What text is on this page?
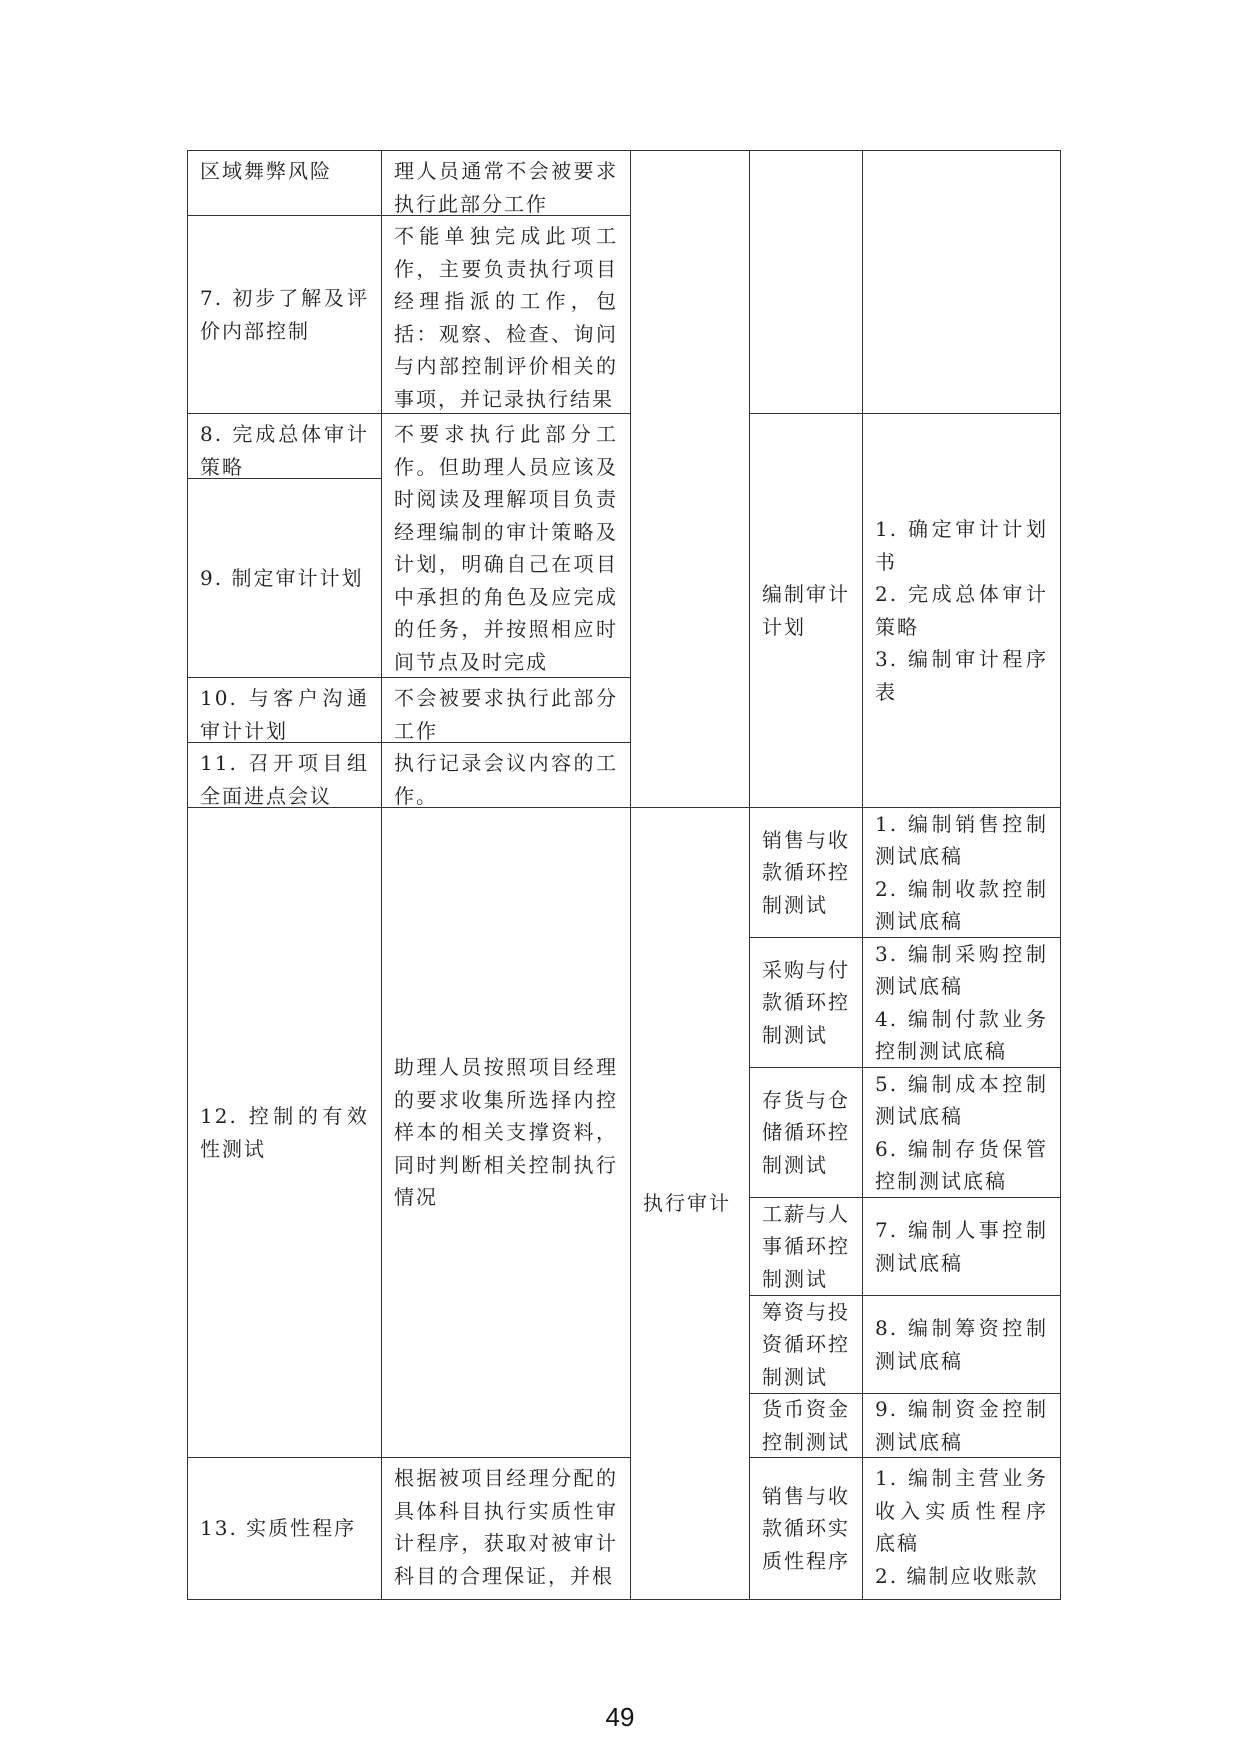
区域舞弊风险
7. 初步了解及评价内部控制
8. 完成总体审计策略
9. 制定审计计划
10. 与客户沟通审计计划
11. 召开项目组全面进点会议
12. 控制的有效性测试
13. 实质性程序
理人员通常不会被要求执行此部分工作
不能单独完成此项工作，主要负责执行项目经理指派的工作，包括：观察、检查、询问与内部控制评价相关的事项，并记录执行结果
不要求执行此部分工作。但助理人员应该及时阅读及理解项目负责经理编制的审计策略及计划，明确自己在项目中承担的角色及应完成的任务，并按照相应时间节点及时完成
不会被要求执行此部分工作
执行记录会议内容的工作。
助理人员按照项目经理的要求收集所选择内控样本的相关支撑资料，同时判断相关控制执行情况
根据被项目经理分配的具体科目执行实质性审计程序，获取对被审计科目的合理保证，并根
执行审计
编制审计计划
销售与收款循环控制测试
采购与付款循环控制测试
存货与仓储循环控制测试
工薪与人事循环控制测试
筹资与投资循环控制测试
货币资金控制测试
销售与收款循环实质性程序
1. 确定审计计划书
2. 完成总体审计策略
3. 编制审计程序表
1. 编制销售控制测试底稿
2. 编制收款控制测试底稿
3. 编制采购控制测试底稿
4. 编制付款业务控制测试底稿
5. 编制成本控制测试底稿
6. 编制存货保管控制测试底稿
7. 编制人事控制测试底稿
8. 编制筹资控制测试底稿
9. 编制资金控制测试底稿
1. 编制主营业务收入实质性程序底稿
2. 编制应收账款
49
